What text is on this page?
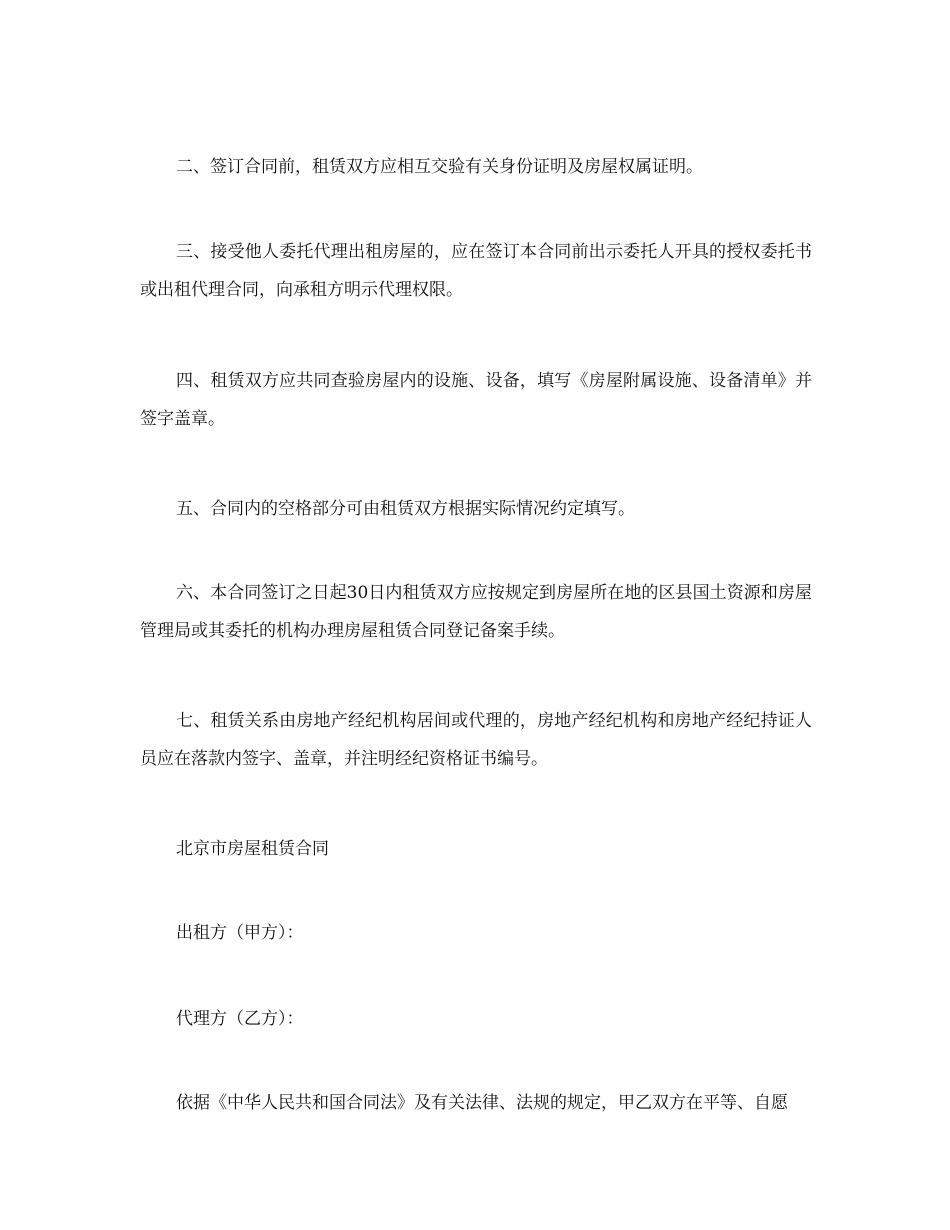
二、签订合同前，租赁双方应相互交验有关身份证明及房屋权属证明。

三、接受他人委托代理出租房屋的，应在签订本合同前出示委托人开具的授权委托书或出租代理合同，向承租方明示代理权限。

四、租赁双方应共同查验房屋内的设施、设备，填写《房屋附属设施、设备清单》并签字盖章。

五、合同内的空格部分可由租赁双方根据实际情况约定填写。

六、本合同签订之日起30日内租赁双方应按规定到房屋所在地的区县国土资源和房屋管理局或其委托的机构办理房屋租赁合同登记备案手续。

七、租赁关系由房地产经纪机构居间或代理的，房地产经纪机构和房地产经纪持证人员应在落款内签字、盖章，并注明经纪资格证书编号。

北京市房屋租赁合同

出租方（甲方）：

代理方（乙方）：

依据《中华人民共和国合同法》及有关法律、法规的规定，甲乙双方在平等、自愿
